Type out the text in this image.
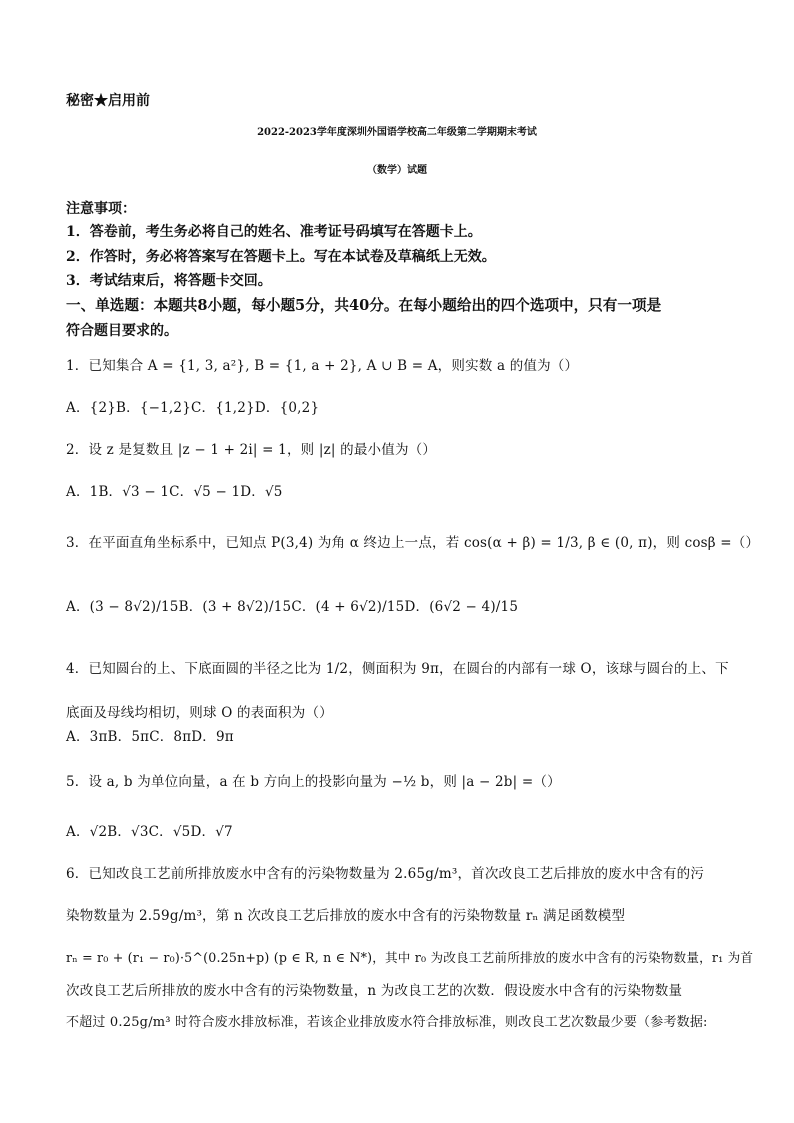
秘密★启用前
2022-2023学年度深圳外国语学校高二年级第二学期期末考试
（数学）试题
注意事项：
1．答卷前，考生务必将自己的姓名、准考证号码填写在答题卡上。
2．作答时，务必将答案写在答题卡上。写在本试卷及草稿纸上无效。
3．考试结束后，将答题卡交回。
一、单选题：本题共8小题，每小题5分，共40分。在每小题给出的四个选项中，只有一项是
符合题目要求的。
1．已知集合 A = {1, 3, a²}, B = {1, a + 2}, A ∪ B = A，则实数 a 的值为（）
A．{2}B．{−1,2}C．{1,2}D．{0,2}
2．设 z 是复数且 |z − 1 + 2i| = 1，则 |z| 的最小值为（）
A．1B．√3 − 1C．√5 − 1D．√5
3．在平面直角坐标系中，已知点 P(3,4) 为角 α 终边上一点，若 cos(α + β) = 1/3, β ∈ (0, π)，则 cosβ =（）
A．(3 − 8√2)/15B．(3 + 8√2)/15C．(4 + 6√2)/15D．(6√2 − 4)/15
4．已知圆台的上、下底面圆的半径之比为 1/2，侧面积为 9π，在圆台的内部有一球 O，该球与圆台的上、下
底面及母线均相切，则球 O 的表面积为（）
A．3πB．5πC．8πD．9π
5．设 a, b 为单位向量，a 在 b 方向上的投影向量为 −½ b，则 |a − 2b| =（）
A．√2B．√3C．√5D．√7
6．已知改良工艺前所排放废水中含有的污染物数量为 2.65g/m³，首次改良工艺后排放的废水中含有的污
染物数量为 2.59g/m³，第 n 次改良工艺后排放的废水中含有的污染物数量 rₙ 满足函数模型
rₙ = r₀ + (r₁ − r₀)·5^(0.25n+p) (p ∈ R, n ∈ N*)，其中 r₀ 为改良工艺前所排放的废水中含有的污染物数量，r₁ 为首
次改良工艺后所排放的废水中含有的污染物数量，n 为改良工艺的次数．假设废水中含有的污染物数量
不超过 0.25g/m³ 时符合废水排放标准，若该企业排放废水符合排放标准，则改良工艺次数最少要（参考数据:
